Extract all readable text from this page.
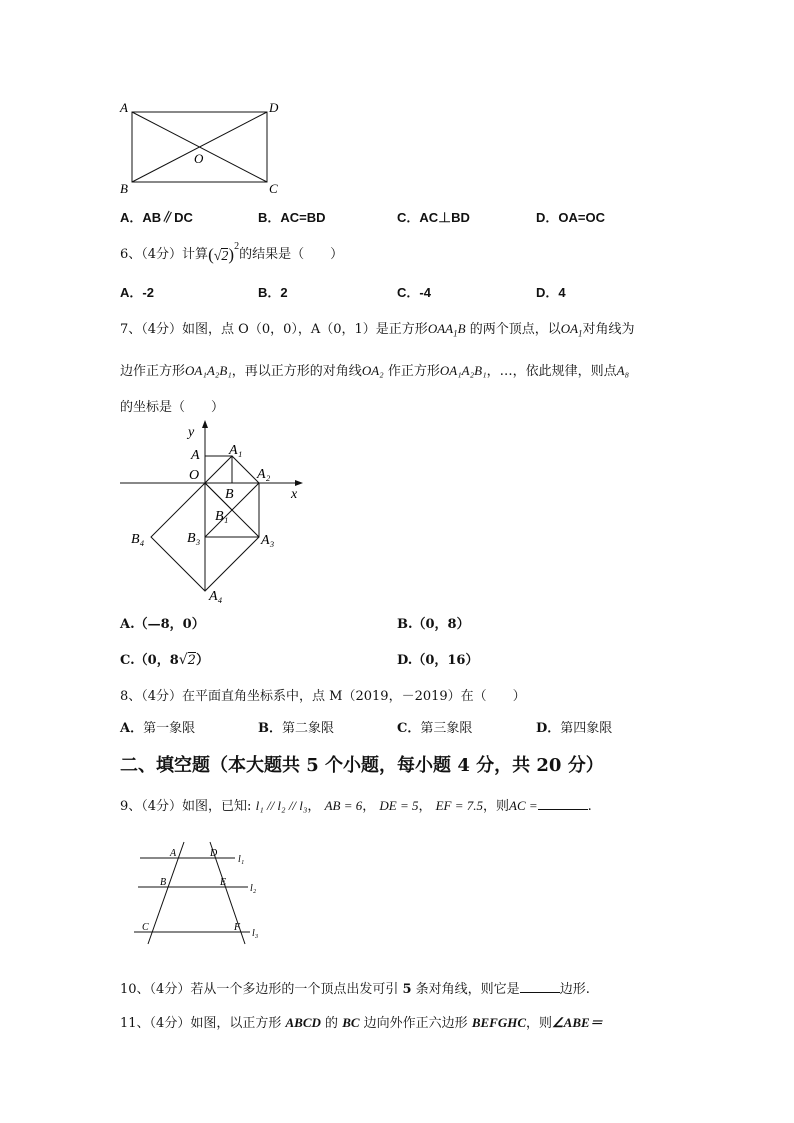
A	D
B	C
O
A．AB∥DC	B．AC=BD	C．AC⊥BD	D．OA=OC
6、（4分）计算$(√2)^2$的结果是（　　）
A．-2	B．2	C．-4	D．4
7、（4分）如图，点 O（0，0），A（0，1）是正方形$OAA_1B$ 的两个顶点，以$OA_1$对角线为
边作正方形OA₁A₂B₁，再以正方形的对角线OA₂ 作正方形OA₁A₂B₁，…，依此规律，则点A₈
的坐标是（　　）
y
x
A A₁
O	A₂
B
B₁
B₄	B₃	A₃
A₄
A.（—8，0）	B.（0，8）
C.（0，8√2）	D.（0，16）
8、（4分）在平面直角坐标系中，点 M（2019，－2019）在（　　）
A．第一象限	B．第二象限	C．第三象限	D．第四象限
二、填空题（本大题共 5 个小题，每小题 4 分，共 20 分）
9、（4分）如图，已知: l₁ // l₂ // l₃， AB = 6， DE = 5， EF = 7.5，则AC =	.
A	D
l₁
B	E
l₂
C	F
l₃
10、（4分）若从一个多边形的一个顶点出发可引 5 条对角线，则它是	边形.
11、（4分）如图，以正方形 ABCD 的 BC 边向外作正六边形 BEFGHC，则∠ABE＝
